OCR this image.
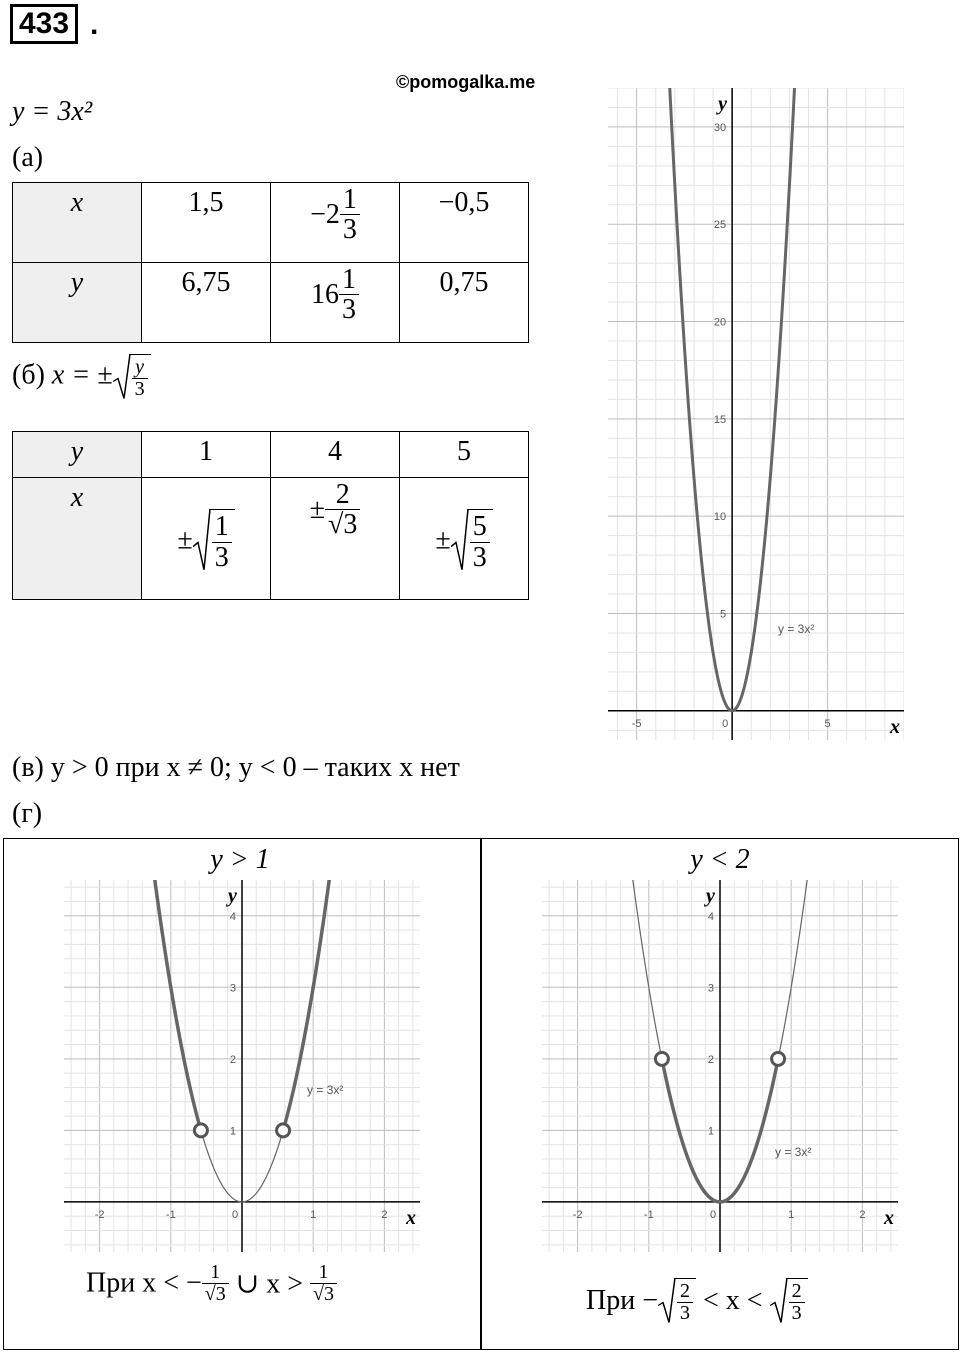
433 .
©pomogalka.me
y = 3x²
(а)
x	1,5	$-2 \frac{1}{3}$	−0,5
y	6,75	$16 \frac{1}{3}$	0,75
(б) x = ± $\frac{y}{3}$
y	1	4	5
x	± $\frac{1}{3}$	± $\frac{2}{√3}$	± $\frac{5}{3}$
-5	0	5
5
10
15
20
25
30
x
y
y = 3x²
(в) y > 0 при x ≠ 0; y < 0 – таких x нет
(г)
y > 1	y < 2
-2	-1	0	1	2
1
2
3
4
x
y
y = 3x²
-2	-1	0	1	2
1
2
3
4
x
y
y = 3x²
При x < − $\frac{1}{√3}$ ∪ $x > \frac{1}{√3}$	При − $\frac{2}{3} < x < \frac{2}{3}$
